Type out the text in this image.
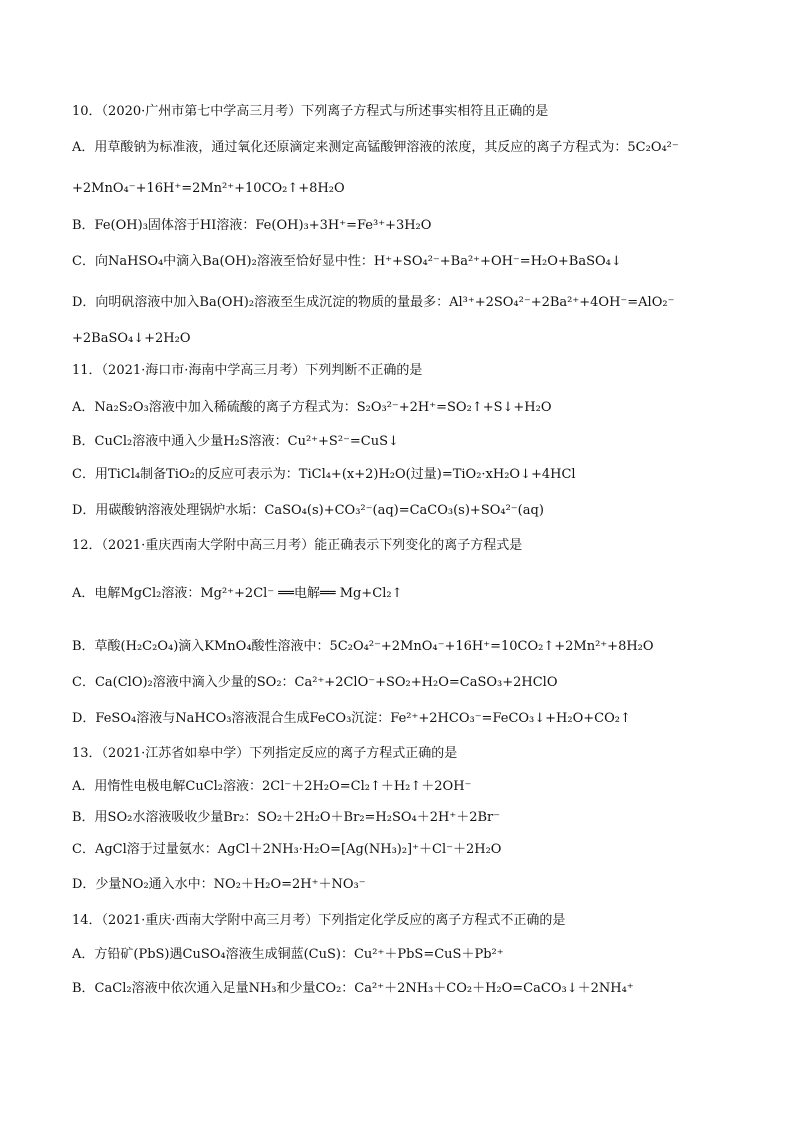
10．（2020·广州市第七中学高三月考）下列离子方程式与所述事实相符且正确的是
A．用草酸钠为标准液，通过氧化还原滴定来测定高锰酸钾溶液的浓度，其反应的离子方程式为：5C₂O₄²⁻
+2MnO₄⁻+16H⁺=2Mn²⁺+10CO₂↑+8H₂O
B．Fe(OH)₃固体溶于HI溶液：Fe(OH)₃+3H⁺=Fe³⁺+3H₂O
C．向NaHSO₄中滴入Ba(OH)₂溶液至恰好显中性：H⁺+SO₄²⁻+Ba²⁺+OH⁻=H₂O+BaSO₄↓
D．向明矾溶液中加入Ba(OH)₂溶液至生成沉淀的物质的量最多：Al³⁺+2SO₄²⁻+2Ba²⁺+4OH⁻=AlO₂⁻
+2BaSO₄↓+2H₂O
11．（2021·海口市·海南中学高三月考）下列判断不正确的是
A．Na₂S₂O₃溶液中加入稀硫酸的离子方程式为：S₂O₃²⁻+2H⁺=SO₂↑+S↓+H₂O
B．CuCl₂溶液中通入少量H₂S溶液：Cu²⁺+S²⁻=CuS↓
C．用TiCl₄制备TiO₂的反应可表示为：TiCl₄+(x+2)H₂O(过量)=TiO₂·xH₂O↓+4HCl
D．用碳酸钠溶液处理锅炉水垢：CaSO₄(s)+CO₃²⁻(aq)=CaCO₃(s)+SO₄²⁻(aq)
12．（2021·重庆西南大学附中高三月考）能正确表示下列变化的离子方程式是
A．电解MgCl₂溶液：Mg²⁺+2Cl⁻ ══电解══ Mg+Cl₂↑
B．草酸(H₂C₂O₄)滴入KMnO₄酸性溶液中：5C₂O₄²⁻+2MnO₄⁻+16H⁺=10CO₂↑+2Mn²⁺+8H₂O
C．Ca(ClO)₂溶液中滴入少量的SO₂：Ca²⁺+2ClO⁻+SO₂+H₂O=CaSO₃+2HClO
D．FeSO₄溶液与NaHCO₃溶液混合生成FeCO₃沉淀：Fe²⁺+2HCO₃⁻=FeCO₃↓+H₂O+CO₂↑
13．（2021·江苏省如皋中学）下列指定反应的离子方程式正确的是
A．用惰性电极电解CuCl₂溶液：2Cl⁻＋2H₂O=Cl₂↑＋H₂↑＋2OH⁻
B．用SO₂水溶液吸收少量Br₂：SO₂＋2H₂O＋Br₂=H₂SO₄＋2H⁺＋2Br⁻
C．AgCl溶于过量氨水：AgCl＋2NH₃·H₂O=[Ag(NH₃)₂]⁺＋Cl⁻＋2H₂O
D．少量NO₂通入水中：NO₂＋H₂O=2H⁺＋NO₃⁻
14．（2021·重庆·西南大学附中高三月考）下列指定化学反应的离子方程式不正确的是
A．方铅矿(PbS)遇CuSO₄溶液生成铜蓝(CuS)：Cu²⁺＋PbS=CuS＋Pb²⁺
B．CaCl₂溶液中依次通入足量NH₃和少量CO₂：Ca²⁺＋2NH₃＋CO₂＋H₂O=CaCO₃↓＋2NH₄⁺
